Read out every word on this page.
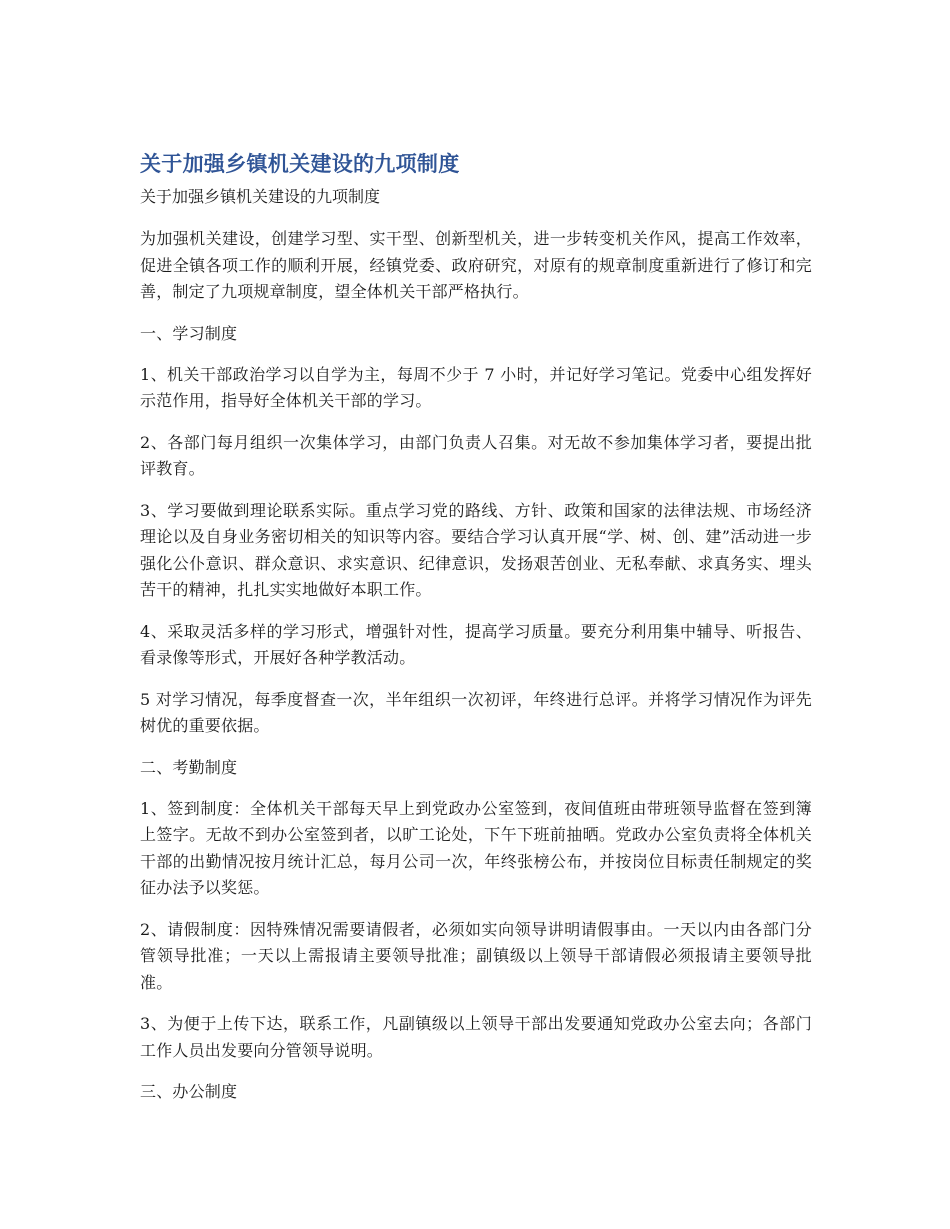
关于加强乡镇机关建设的九项制度

关于加强乡镇机关建设的九项制度

为加强机关建设，创建学习型、实干型、创新型机关，进一步转变机关作风，提高工作效率，促进全镇各项工作的顺利开展，经镇党委、政府研究，对原有的规章制度重新进行了修订和完善，制定了九项规章制度，望全体机关干部严格执行。

一、学习制度

1、机关干部政治学习以自学为主，每周不少于 7 小时，并记好学习笔记。党委中心组发挥好示范作用，指导好全体机关干部的学习。

2、各部门每月组织一次集体学习，由部门负责人召集。对无故不参加集体学习者，要提出批评教育。

3、学习要做到理论联系实际。重点学习党的路线、方针、政策和国家的法律法规、市场经济理论以及自身业务密切相关的知识等内容。要结合学习认真开展“学、树、创、建”活动进一步强化公仆意识、群众意识、求实意识、纪律意识，发扬艰苦创业、无私奉献、求真务实、埋头苦干的精神，扎扎实实地做好本职工作。

4、采取灵活多样的学习形式，增强针对性，提高学习质量。要充分利用集中辅导、听报告、看录像等形式，开展好各种学教活动。

5 对学习情况，每季度督查一次，半年组织一次初评，年终进行总评。并将学习情况作为评先树优的重要依据。

二、考勤制度

1、签到制度：全体机关干部每天早上到党政办公室签到，夜间值班由带班领导监督在签到簿上签字。无故不到办公室签到者，以旷工论处，下午下班前抽晒。党政办公室负责将全体机关干部的出勤情况按月统计汇总，每月公司一次，年终张榜公布，并按岗位目标责任制规定的奖征办法予以奖惩。

2、请假制度：因特殊情况需要请假者，必须如实向领导讲明请假事由。一天以内由各部门分管领导批准；一天以上需报请主要领导批准；副镇级以上领导干部请假必须报请主要领导批准。

3、为便于上传下达，联系工作，凡副镇级以上领导干部出发要通知党政办公室去向；各部门工作人员出发要向分管领导说明。

三、办公制度
